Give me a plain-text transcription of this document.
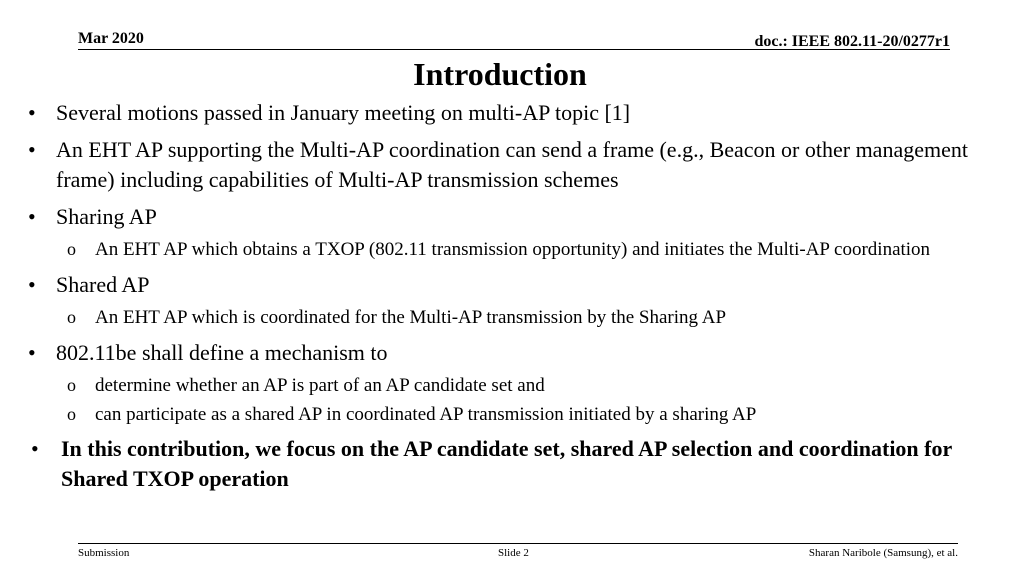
Mar 2020	doc.: IEEE 802.11-20/0277r1
Introduction

• Several motions passed in January meeting on multi-AP topic [1]

• An EHT AP supporting the Multi-AP coordination can send a frame (e.g., Beacon or other management frame) including capabilities of Multi-AP transmission schemes

• Sharing AP

o An EHT AP which obtains a TXOP (802.11 transmission opportunity) and initiates the Multi-AP coordination

• Shared AP

o An EHT AP which is coordinated for the Multi-AP transmission by the Sharing AP

• 802.11be shall define a mechanism to

o determine whether an AP is part of an AP candidate set and

o can participate as a shared AP in coordinated AP transmission initiated by a sharing AP

• In this contribution, we focus on the AP candidate set, shared AP selection and coordination for Shared TXOP operation

Submission	Slide 2	Sharan Naribole (Samsung), et al.
